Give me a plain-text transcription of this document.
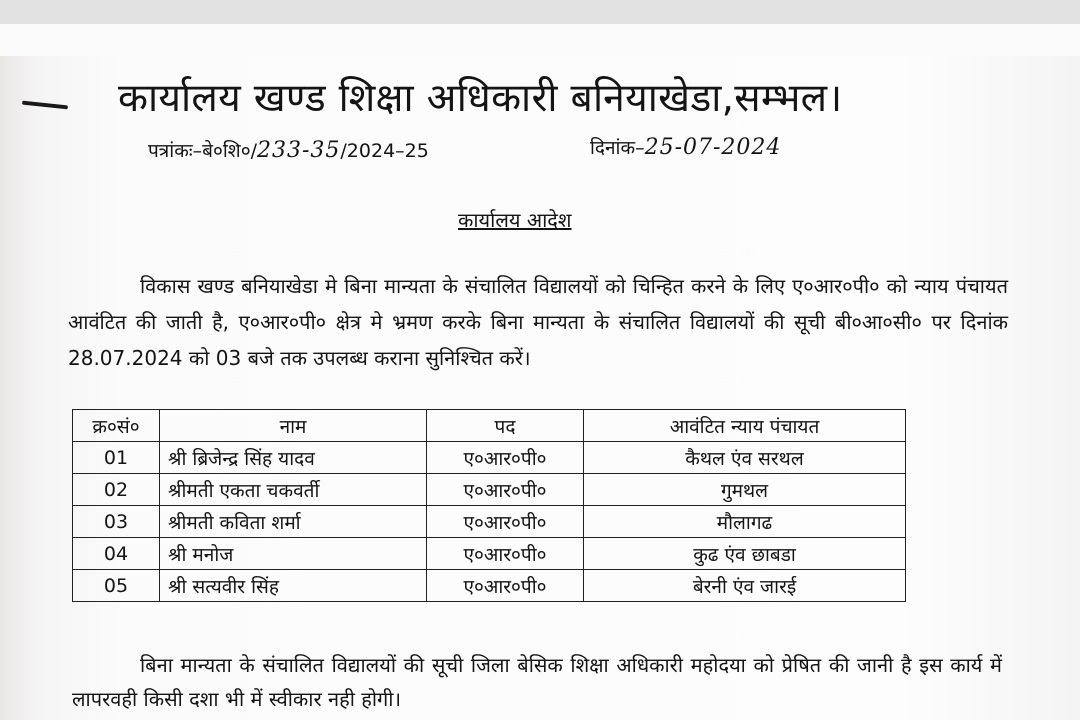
कार्यालय खण्ड शिक्षा अधिकारी बनियाखेडा,सम्भल।
पत्रांकः–बे०शि०/233-35/2024–25	दिनांक–25-07-2024
कार्यालय आदेश
विकास खण्ड बनियाखेडा मे बिना मान्यता के संचालित विद्यालयों को चिन्हित करने के लिए ए०आर०पी० को न्याय पंचायत आवंटित की जाती है, ए०आर०पी० क्षेत्र मे भ्रमण करके बिना मान्यता के संचालित विद्यालयों की सूची बी०आ०सी० पर दिनांक 28.07.2024 को 03 बजे तक उपलब्ध कराना सुनिश्चित करें।
क्र०सं०	नाम	पद	आवंटित न्याय पंचायत
01	श्री ब्रिजेन्द्र सिंह यादव	ए०आर०पी०	कैथल एंव सरथल
02	श्रीमती एकता चकवर्ती	ए०आर०पी०	गुमथल
03	श्रीमती कविता शर्मा	ए०आर०पी०	मौलागढ
04	श्री मनोज	ए०आर०पी०	कुढ एंव छाबडा
05	श्री सत्यवीर सिंह	ए०आर०पी०	बेरनी एंव जारई
बिना मान्यता के संचालित विद्यालयों की सूची जिला बेसिक शिक्षा अधिकारी महोदया को प्रेषित की जानी है इस कार्य में लापरवही किसी दशा भी में स्वीकार नही होगी।
